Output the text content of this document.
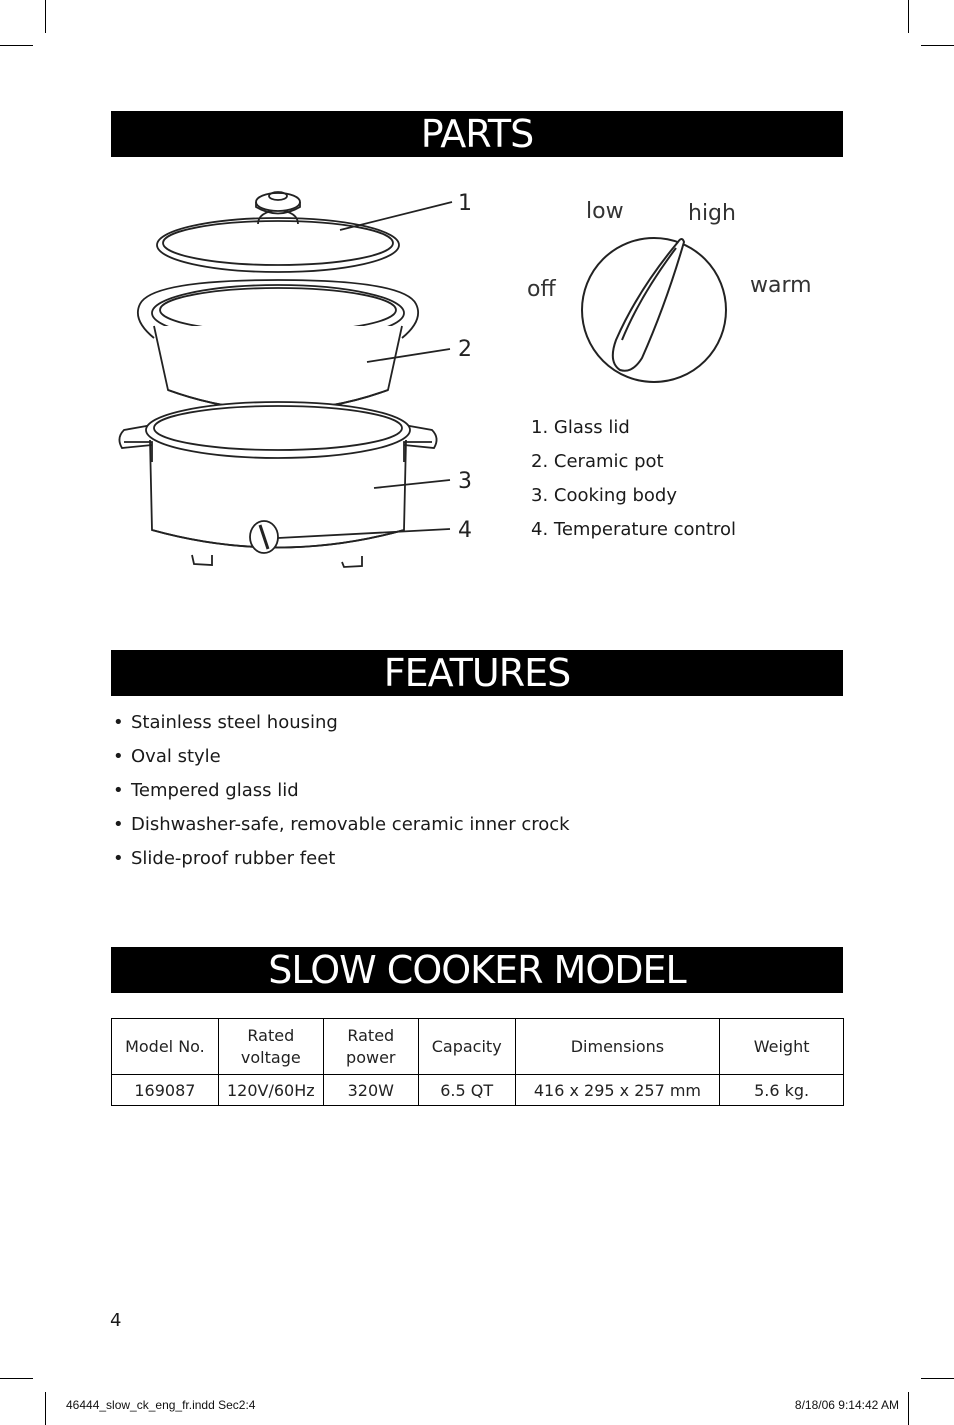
PARTS
1
2
3
4
low	high
off	warm
1. Glass lid
2. Ceramic pot
3. Cooking body
4. Temperature control
FEATURES
• Stainless steel housing
• Oval style
• Tempered glass lid
• Dishwasher-safe, removable ceramic inner crock
• Slide-proof rubber feet
SLOW COOKER MODEL
Model No.	Rated voltage	Rated power	Capacity	Dimensions	Weight
169087	120V/60Hz	320W	6.5 QT	416 x 295 x 257 mm	5.6 kg.
4
46444_slow_ck_eng_fr.indd Sec2:4	8/18/06 9:14:42 AM
